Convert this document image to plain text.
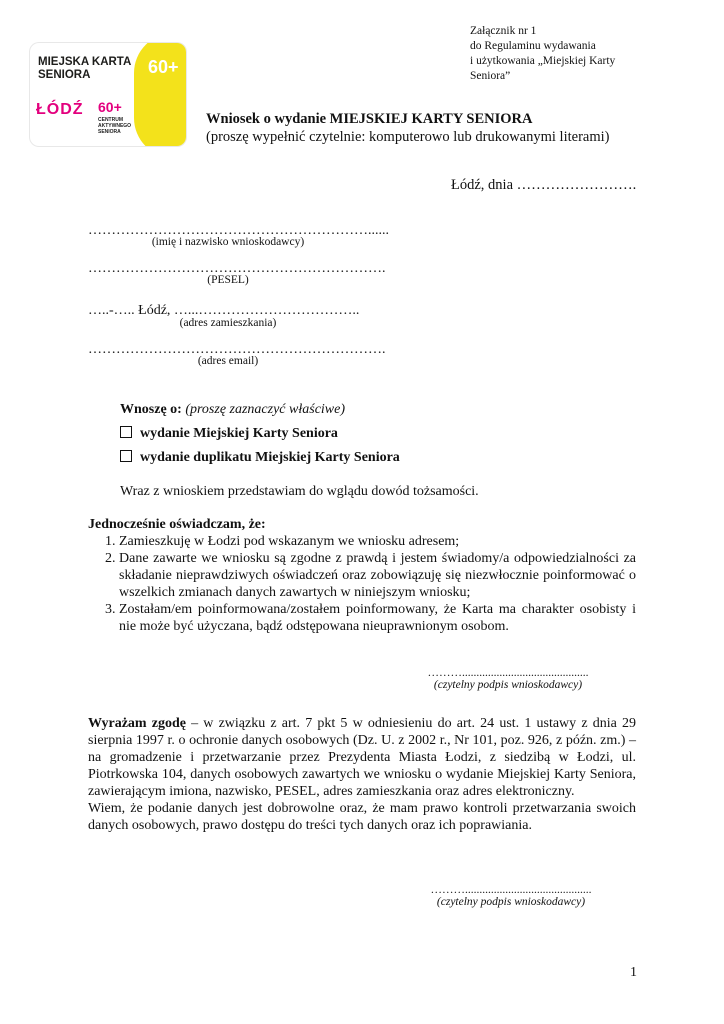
Załącznik nr 1
do Regulaminu wydawania
i użytkowania „Miejskiej Karty
Seniora”
MIEJSKA KARTA
SENIORA	60+
ŁÓDŹ 60+
CENTRUM
AKTYWNEGO
SENIORA
Wniosek o wydanie MIEJSKIEJ KARTY SENIORA
(proszę wypełnić czytelnie: komputerowo lub drukowanymi literami)
Łódź, dnia …………………….
……………………………………………………......
(imię i nazwisko wnioskodawcy)
……………………………………………………….
(PESEL)
…..-….. Łódź, …...……………………………..
(adres zamieszkania)
……………………………………………………….
(adres email)
Wnoszę o: (proszę zaznaczyć właściwe)
wydanie Miejskiej Karty Seniora
wydanie duplikatu Miejskiej Karty Seniora
Wraz z wnioskiem przedstawiam do wglądu dowód tożsamości.
Jednocześnie oświadczam, że:
1. Zamieszkuję w Łodzi pod wskazanym we wniosku adresem;
2. Dane zawarte we wniosku są zgodne z prawdą i jestem świadomy/a odpowiedzialności za składanie nieprawdziwych oświadczeń oraz zobowiązuję się niezwłocznie poinformować o wszelkich zmianach danych zawartych w niniejszym wniosku;
3. Zostałam/em poinformowana/zostałem poinformowany, że Karta ma charakter osobisty i nie może być użyczana, bądź odstępowana nieuprawnionym osobom.
………............................................
(czytelny podpis wnioskodawcy)
Wyrażam zgodę – w związku z art. 7 pkt 5 w odniesieniu do art. 24 ust. 1 ustawy z dnia 29 sierpnia 1997 r. o ochronie danych osobowych (Dz. U. z 2002 r., Nr 101, poz. 926, z późn. zm.) – na gromadzenie i przetwarzanie przez Prezydenta Miasta Łodzi, z siedzibą w Łodzi, ul. Piotrkowska 104, danych osobowych zawartych we wniosku o wydanie Miejskiej Karty Seniora, zawierającym imiona, nazwisko, PESEL, adres zamieszkania oraz adres elektroniczny.
Wiem, że podanie danych jest dobrowolne oraz, że mam prawo kontroli przetwarzania swoich danych osobowych, prawo dostępu do treści tych danych oraz ich poprawiania.
………............................................
(czytelny podpis wnioskodawcy)
1
